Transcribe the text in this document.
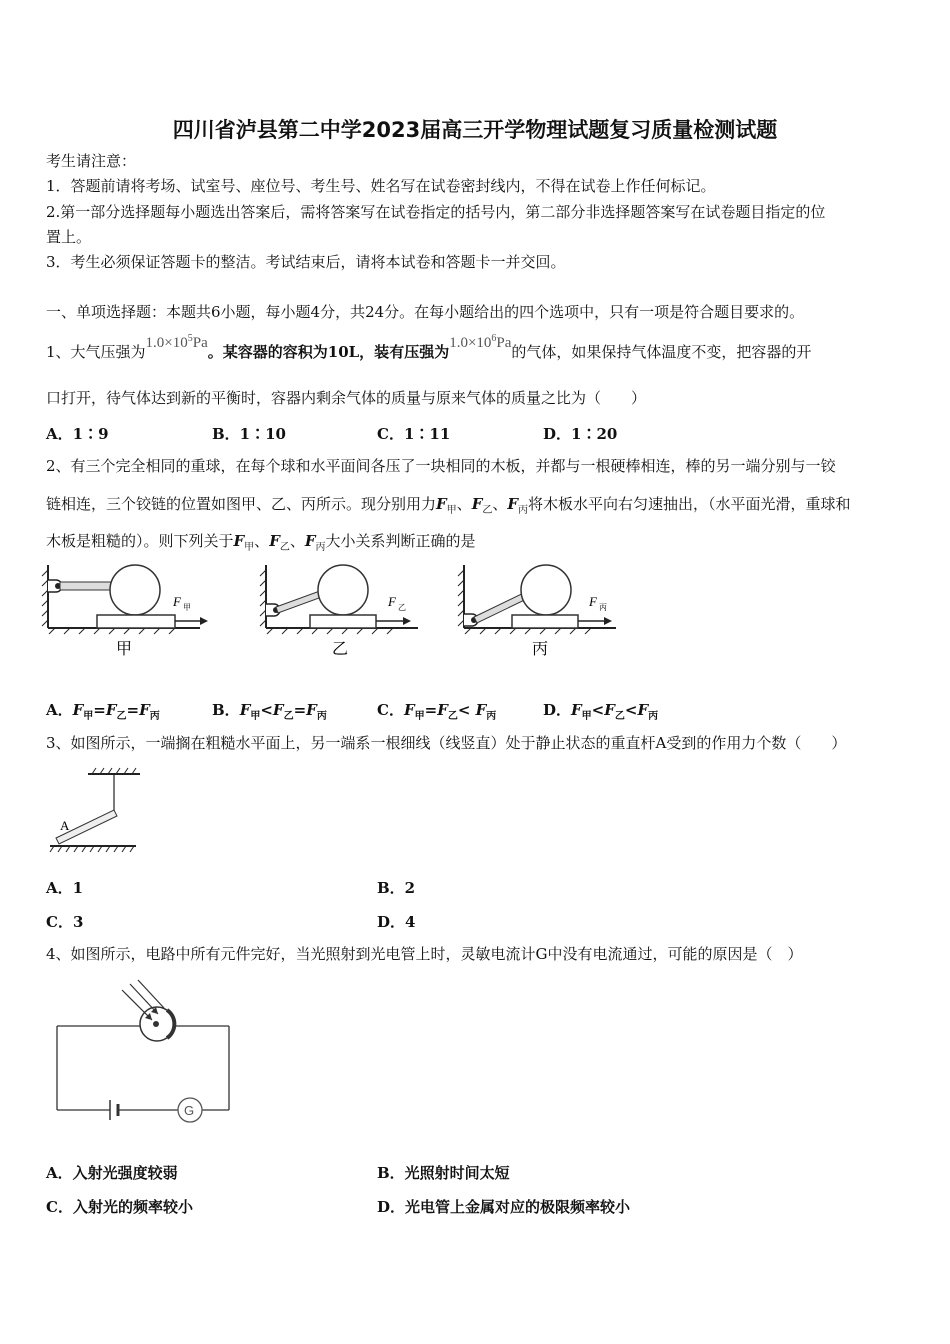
四川省泸县第二中学2023届高三开学物理试题复习质量检测试题
考生请注意：
1．答题前请将考场、试室号、座位号、考生号、姓名写在试卷密封线内，不得在试卷上作任何标记。
2.第一部分选择题每小题选出答案后，需将答案写在试卷指定的括号内，第二部分非选择题答案写在试卷题目指定的位
置上。
3．考生必须保证答题卡的整洁。考试结束后，请将本试卷和答题卡一并交回。
一、单项选择题：本题共6小题，每小题4分，共24分。在每小题给出的四个选项中，只有一项是符合题目要求的。
1、大气压强为$1.0\times 10^5Pa$。某容器的容积为10L，装有压强为$1.0\times 10^6Pa$的气体，如果保持气体温度不变，把容器的开
口打开，待气体达到新的平衡时，容器内剩余气体的质量与原来气体的质量之比为（　　）
A．1∶9	B．1∶10	C．1∶11	D．1∶20
2、有三个完全相同的重球，在每个球和水平面间各压了一块相同的木板，并都与一根硬棒相连，棒的另一端分别与一铰
链相连，三个铰链的位置如图甲、乙、丙所示。现分别用力$F_甲$、$F_乙$、$F_丙$将木板水平向右匀速抽出，（水平面光滑，重球和
木板是粗糙的）。则下列关于$F_甲$、$F_乙$、$F_丙$大小关系判断正确的是
F 甲
甲
F 乙
乙
F 丙
丙
A．$F_甲=F_乙=F_丙$	B．$F_甲<F_乙=F_丙$	C．$F_甲=F_乙< F_丙$	D．$F_甲<F_乙<F_丙$
3、如图所示，一端搁在粗糙水平面上，另一端系一根细线（线竖直）处于静止状态的重直杆A受到的作用力个数（　　）
A
A．1	B．2
C．3	D．4
4、如图所示，电路中所有元件完好，当光照射到光电管上时，灵敏电流计G中没有电流通过，可能的原因是（　）
G
A．入射光强度较弱	B．光照射时间太短
C．入射光的频率较小	D．光电管上金属对应的极限频率较小
